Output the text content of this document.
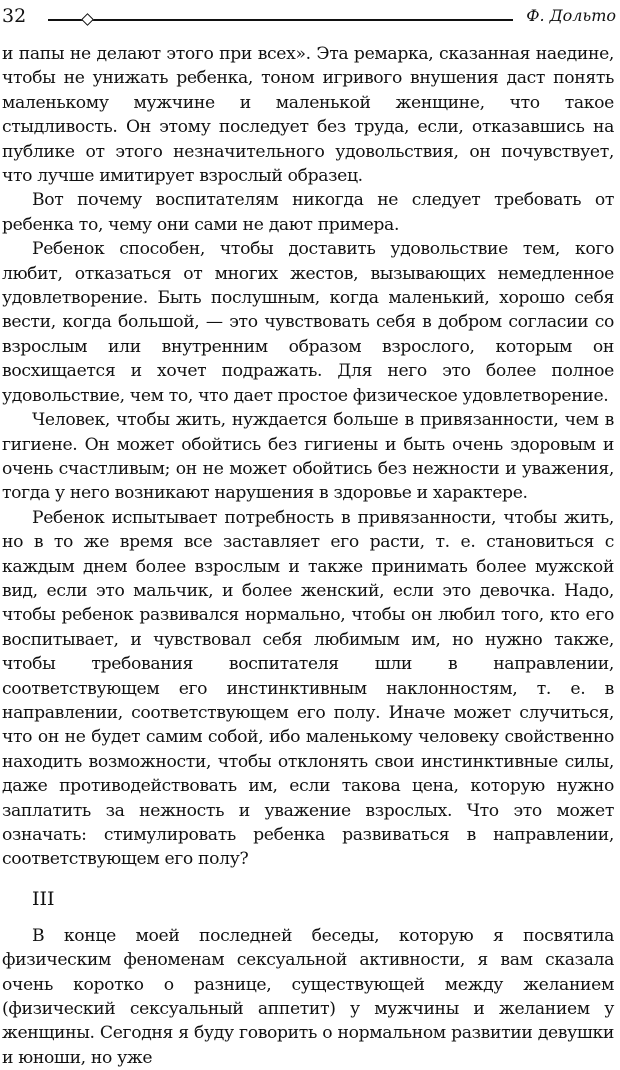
32	Ф. Дольто

и папы не делают этого при всех». Эта ремарка, сказанная наедине, чтобы не унижать ребенка, тоном игривого внушения даст понять маленькому мужчине и маленькой женщине, что такое стыдливость. Он этому последует без труда, если, отказавшись на публике от этого незначительного удовольствия, он почувствует, что лучше имитирует взрослый образец.

Вот почему воспитателям никогда не следует требовать от ребенка то, чему они сами не дают примера.

Ребенок способен, чтобы доставить удовольствие тем, кого любит, отказаться от многих жестов, вызывающих немедленное удовлетворение. Быть послушным, когда маленький, хорошо себя вести, когда большой, — это чувствовать себя в добром согласии со взрослым или внутренним образом взрослого, которым он восхищается и хочет подражать. Для него это более полное удовольствие, чем то, что дает простое физическое удовлетворение.

Человек, чтобы жить, нуждается больше в привязанности, чем в гигиене. Он может обойтись без гигиены и быть очень здоровым и очень счастливым; он не может обойтись без нежности и уважения, тогда у него возникают нарушения в здоровье и характере.

Ребенок испытывает потребность в привязанности, чтобы жить, но в то же время все заставляет его расти, т. е. становиться с каждым днем более взрослым и также принимать более мужской вид, если это мальчик, и более женский, если это девочка. Надо, чтобы ребенок развивался нормально, чтобы он любил того, кто его воспитывает, и чувствовал себя любимым им, но нужно также, чтобы требования воспитателя шли в направлении, соответствующем его инстинктивным наклонностям, т. е. в направлении, соответствующем его полу. Иначе может случиться, что он не будет самим собой, ибо маленькому человеку свойственно находить возможности, чтобы отклонять свои инстинктивные силы, даже противодействовать им, если такова цена, которую нужно заплатить за нежность и уважение взрослых. Что это может означать: стимулировать ребенка развиваться в направлении, соответствующем его полу?

III

В конце моей последней беседы, которую я посвятила физическим феноменам сексуальной активности, я вам сказала очень коротко о разнице, существующей между желанием (физический сексуальный аппетит) у мужчины и желанием у женщины. Сегодня я буду говорить о нормальном развитии девушки и юноши, но уже
